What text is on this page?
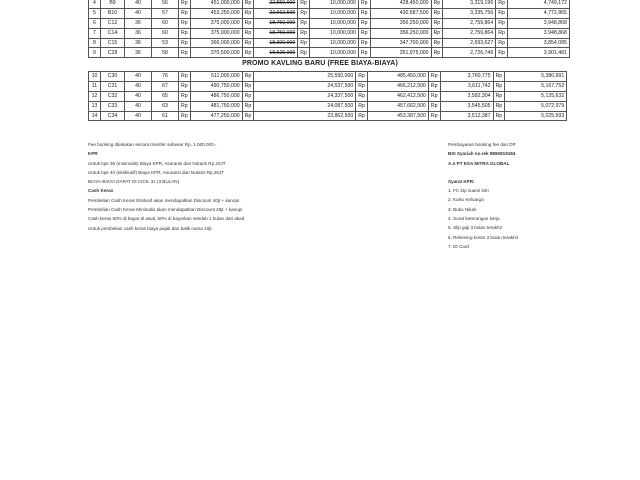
4	B9	40	56	Rp	451,000,000	Rp	22,550,000	Rp	10,000,000	Rp	428,450,000	Rp	3,319,196	Rp	4,749,172
5	B10	40	57	Rp	453,250,000	Rp	22,662,500	Rp	10,000,000	Rp	430,587,500	Rp	3,335,756	Rp	4,772,865
6	C12	36	60	Rp	375,000,000	Rp	18,750,000	Rp	10,000,000	Rp	356,250,000	Rp	2,759,864	Rp	3,948,868
7	C14	36	60	Rp	375,000,000	Rp	18,750,000	Rp	10,000,000	Rp	356,250,000	Rp	2,759,864	Rp	3,948,868
8	C15	36	53	Rp	366,000,000	Rp	18,300,000	Rp	10,000,000	Rp	347,700,000	Rp	2,693,627	Rp	3,854,085
9	C28	36	58	Rp	370,500,000	Rp	18,525,000	Rp	10,000,000	Rp	351,975,000	Rp	2,726,746	Rp	3,901,481
PROMO KAVLING BARU (FREE BIAYA-BIAYA)
10	C30	40	76	Rp	511,000,000	Rp	25,550,000	Rp	485,450,000	Rp	3,760,775	Rp	5,380,991
11	C31	40	67	Rp	490,750,000	Rp	24,537,500	Rp	466,212,500	Rp	3,611,742	Rp	5,167,752
12	C32	40	65	Rp	486,750,000	Rp	24,337,500	Rp	462,412,500	Rp	3,582,304	Rp	5,125,632
13	C33	40	63	Rp	481,750,000	Rp	24,087,500	Rp	457,662,500	Rp	3,545,505	Rp	5,072,979
14	C34	40	61	Rp	477,250,000	Rp	23,862,500	Rp	453,387,500	Rp	3,512,387	Rp	5,025,593
Fee booking dilakukan secara transfer sebesar Rp. 1.000.000,-
KPR
Untuk tipe 36 (minimalis) Biaya KPR, Asuransi dan Notaris Rp.20JT
Untuk tipe 40 (eksklusif) Biaya KPR, Asuransi dan Notaris Rp.25JT
BIAYA-BIAYA DAPAT DI CICIL 3x (3 BULAN)
Cash Keras
Pembelian Cash Keras Ekslusif akan mendapatkan Discount 40jt + kanopi
Pembelian Cash Keras Minimalis akan mendapatkan Discount 25jt + kanopi
Cash keras 50% di bayar di awal, 50% di bayarkan setelah 1 bulan dari akad
Untuk pembelian cash keras biaya pajak dan balik nama 10jt
Pembayaran booking fee dan DP
BSI Syariah no.rek 8890819184
A.n PT ESA MITRA GLOBAL
Syarat KPR:
1. FC ktp suami istri
2. Kartu Keluarga
3. Buku Nikah
4. Surat keterangan kerja
5. Slip gaji 3 bulan terakhir
6. Rekening koran 3 bulan terakhir
7. ID Card
